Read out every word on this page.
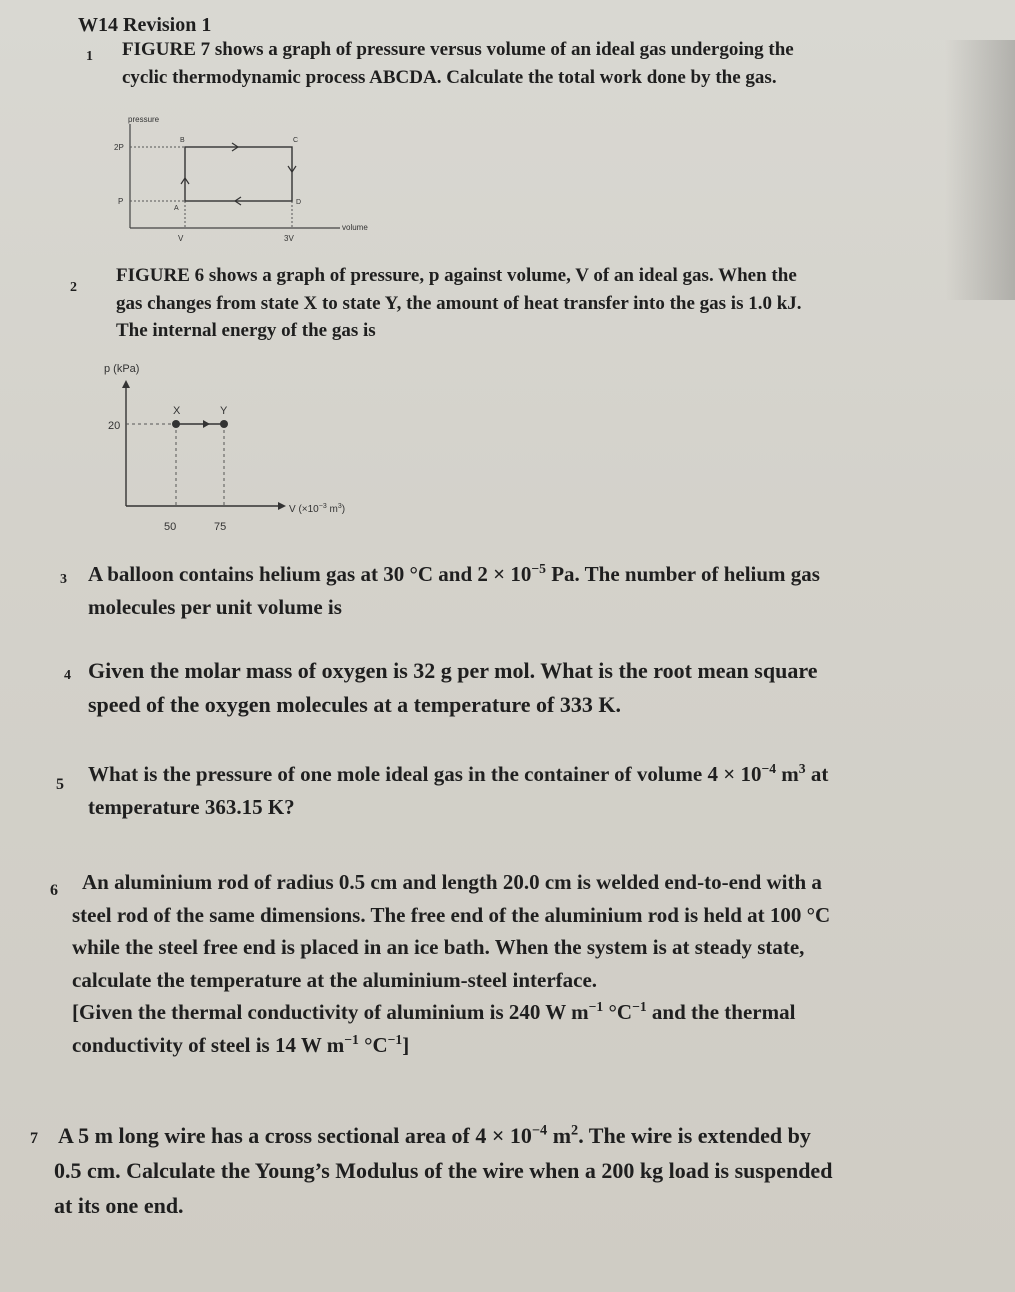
W14 Revision 1
1 FIGURE 7 shows a graph of pressure versus volume of an ideal gas undergoing the
cyclic thermodynamic process ABCDA. Calculate the total work done by the gas.
pressure
volume
2P
P
A
B	C
D
V	3V
2
FIGURE 6 shows a graph of pressure, p against volume, V of an ideal gas. When the
gas changes from state X to state Y, the amount of heat transfer into the gas is 1.0 kJ.
The internal energy of the gas is
p (kPa)
20
X	Y
50	75
V ($\times 10^{-3}$ $m^3$)
3 A balloon contains helium gas at 30 °C and $2 \times 10^{-5}$ Pa. The number of helium gas
molecules per unit volume is
4 Given the molar mass of oxygen is 32 g per mol. What is the root mean square
speed of the oxygen molecules at a temperature of 333 K.
5 What is the pressure of one mole ideal gas in the container of volume $4 \times 10^{-4}$ $m^3$ at
temperature 363.15 K?
6	An aluminium rod of radius 0.5 cm and length 20.0 cm is welded end-to-end with a
steel rod of the same dimensions. The free end of the aluminium rod is held at 100 °C
while the steel free end is placed in an ice bath. When the system is at steady state,
calculate the temperature at the aluminium-steel interface.
[Given the thermal conductivity of aluminium is 240 W $m^{-1}$ $^\circ C^{-1}$ and the thermal
conductivity of steel is 14 W $m^{-1}$ $^\circ C^{-1}$]
7 A 5 m long wire has a cross sectional area of $4 \times 10^{-4}$ $m^2$. The wire is extended by
0.5 cm. Calculate the Young’s Modulus of the wire when a 200 kg load is suspended
at its one end.
